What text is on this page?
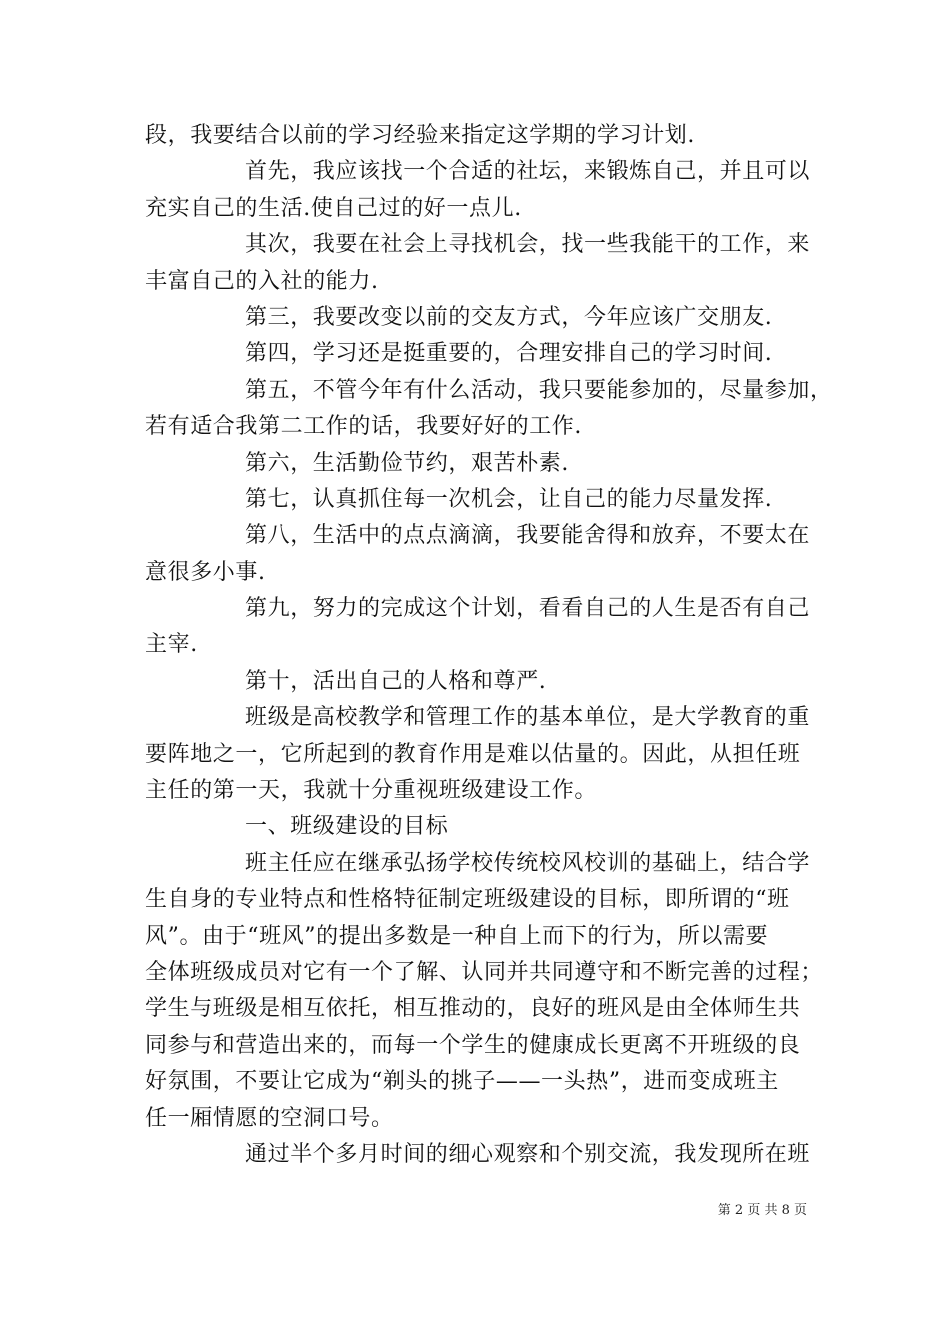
段，我要结合以前的学习经验来指定这学期的学习计划.
首先，我应该找一个合适的社坛，来锻炼自己，并且可以
充实自己的生活.使自己过的好一点儿.
其次，我要在社会上寻找机会，找一些我能干的工作，来
丰富自己的入社的能力.
第三，我要改变以前的交友方式，今年应该广交朋友.
第四，学习还是挺重要的，合理安排自己的学习时间.
第五，不管今年有什么活动，我只要能参加的，尽量参加，
若有适合我第二工作的话，我要好好的工作.
第六，生活勤俭节约，艰苦朴素.
第七，认真抓住每一次机会，让自己的能力尽量发挥.
第八，生活中的点点滴滴，我要能舍得和放弃，不要太在
意很多小事.
第九，努力的完成这个计划，看看自己的人生是否有自己
主宰.
第十，活出自己的人格和尊严.
班级是高校教学和管理工作的基本单位，是大学教育的重
要阵地之一，它所起到的教育作用是难以估量的。因此，从担任班
主任的第一天，我就十分重视班级建设工作。
一、班级建设的目标
班主任应在继承弘扬学校传统校风校训的基础上，结合学
生自身的专业特点和性格特征制定班级建设的目标，即所谓的“班
风”。由于“班风”的提出多数是一种自上而下的行为，所以需要
全体班级成员对它有一个了解、认同并共同遵守和不断完善的过程；
学生与班级是相互依托，相互推动的，良好的班风是由全体师生共
同参与和营造出来的，而每一个学生的健康成长更离不开班级的良
好氛围，不要让它成为“剃头的挑子——一头热”，进而变成班主
任一厢情愿的空洞口号。
通过半个多月时间的细心观察和个别交流，我发现所在班
第 2 页 共 8 页
